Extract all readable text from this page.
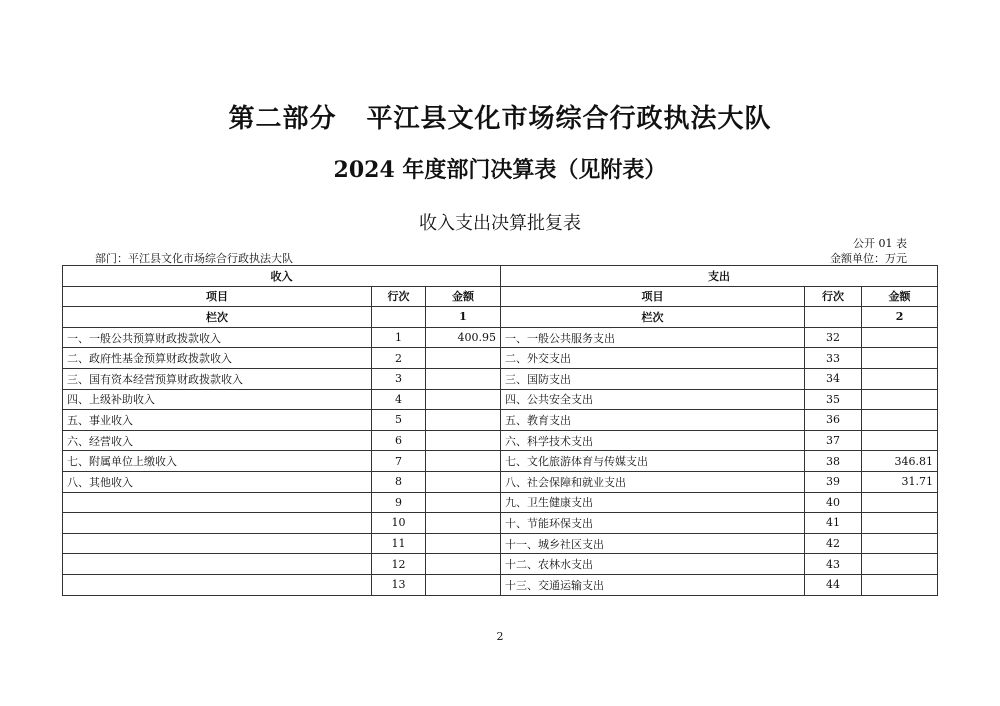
第二部分 平江县文化市场综合行政执法大队
2024 年度部门决算表（见附表）
收入支出决算批复表
公开 01 表
部门：平江县文化市场综合行政执法大队	金额单位：万元
收入			支出		
项目	行次	金额	项目	行次	金额
栏次		1	栏次		2
一、一般公共预算财政拨款收入	1	400.95	一、一般公共服务支出	32	
二、政府性基金预算财政拨款收入	2		二、外交支出	33	
三、国有资本经营预算财政拨款收入	3		三、国防支出	34	
四、上级补助收入	4		四、公共安全支出	35	
五、事业收入	5		五、教育支出	36	
六、经营收入	6		六、科学技术支出	37	
七、附属单位上缴收入	7		七、文化旅游体育与传媒支出	38	346.81
八、其他收入	8		八、社会保障和就业支出	39	31.71
	9		九、卫生健康支出	40	
	10		十、节能环保支出	41	
	11		十一、城乡社区支出	42	
	12		十二、农林水支出	43	
	13		十三、交通运输支出	44	
2
